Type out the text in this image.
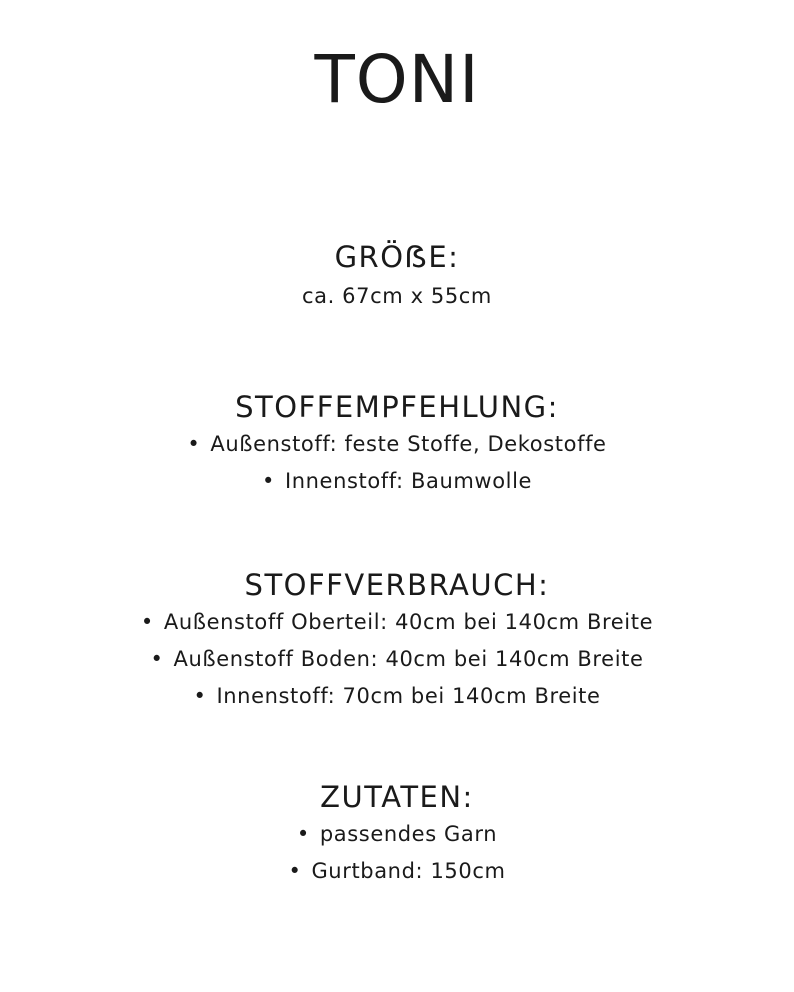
TONI
GRÖẞE:

ca. 67cm x 55cm

STOFFEMPFEHLUNG:

• Außenstoff: feste Stoffe, Dekostoffe

• Innenstoff: Baumwolle

STOFFVERBRAUCH:

• Außenstoff Oberteil: 40cm bei 140cm Breite

• Außenstoff Boden: 40cm bei 140cm Breite

• Innenstoff: 70cm bei 140cm Breite

ZUTATEN:

• passendes Garn

• Gurtband: 150cm
